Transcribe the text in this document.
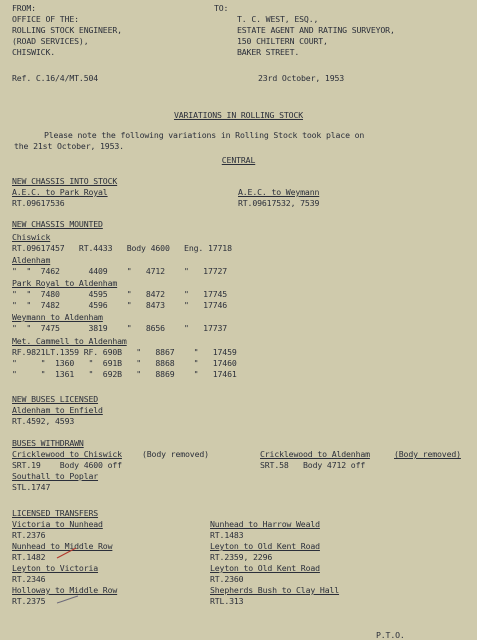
FROM:
OFFICE OF THE:
ROLLING STOCK ENGINEER,
(ROAD SERVICES),
CHISWICK.
TO:
T. C. WEST, ESQ.,
ESTATE AGENT AND RATING SURVEYOR,
150 CHILTERN COURT,
BAKER STREET.
Ref. C.16/4/MT.504	23rd October, 1953
VARIATIONS IN ROLLING STOCK
Please note the following variations in Rolling Stock took place on
the 21st October, 1953.
CENTRAL
NEW CHASSIS INTO STOCK
A.E.C. to Park Royal
RT.09617536
A.E.C. to Weymann
RT.09617532, 7539
NEW CHASSIS MOUNTED
Chiswick
RT.09617457   RT.4433   Body 4600   Eng. 17718
Aldenham
"  "  7462      4409    "   4712    "   17727
Park Royal to Aldenham
"  "  7480      4595    "   8472    "   17745
"  "  7482      4596    "   8473    "   17746
Weymann to Aldenham
"  "  7475      3819    "   8656    "   17737
Met. Cammell to Aldenham
RF.9821LT.1359 RF. 690B   "   8867    "   17459
"     "  1360   "  691B   "   8868    "   17460
"     "  1361   "  692B   "   8869    "   17461
NEW BUSES LICENSED
Aldenham to Enfield
RT.4592, 4593
BUSES WITHDRAWN
Cricklewood to Chiswick (Body removed)
SRT.19    Body 4600 off
Cricklewood to Aldenham	(Body removed)
SRT.58   Body 4712 off
Southall to Poplar
STL.1747
LICENSED TRANSFERS
Victoria to Nunhead
RT.2376
Nunhead to Middle Row
RT.1482
Leyton to Victoria
RT.2346
Holloway to Middle Row
RT.2375
Nunhead to Harrow Weald
RT.1483
Leyton to Old Kent Road
RT.2359, 2296
Leyton to Old Kent Road
RT.2360
Shepherds Bush to Clay Hall
RTL.313
P.T.O.
